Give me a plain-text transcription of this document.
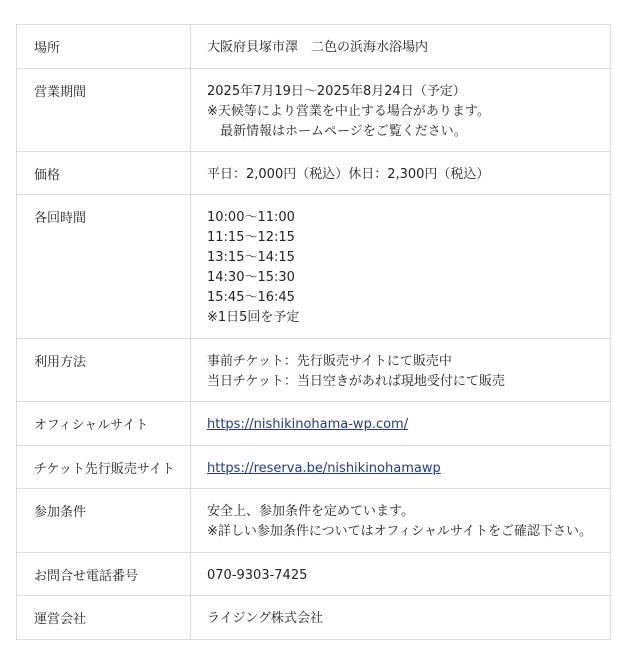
場所	大阪府貝塚市澤　二色の浜海水浴場内
営業期間	2025年7月19日〜2025年8月24日（予定）
※天候等により営業を中止する場合があります。
　最新情報はホームページをご覧ください。
価格	平日：2,000円（税込）休日：2,300円（税込）
各回時間	10:00〜11:00
11:15〜12:15
13:15〜14:15
14:30〜15:30
15:45〜16:45
※1日5回を予定
利用方法	事前チケット：先行販売サイトにて販売中
当日チケット：当日空きがあれば現地受付にて販売
オフィシャルサイト	https://nishikinohama-wp.com/
チケット先行販売サイト	https://reserva.be/nishikinohamawp
参加条件	安全上、参加条件を定めています。
※詳しい参加条件についてはオフィシャルサイトをご確認下さい。
お問合せ電話番号	070-9303-7425
運営会社	ライジング株式会社
